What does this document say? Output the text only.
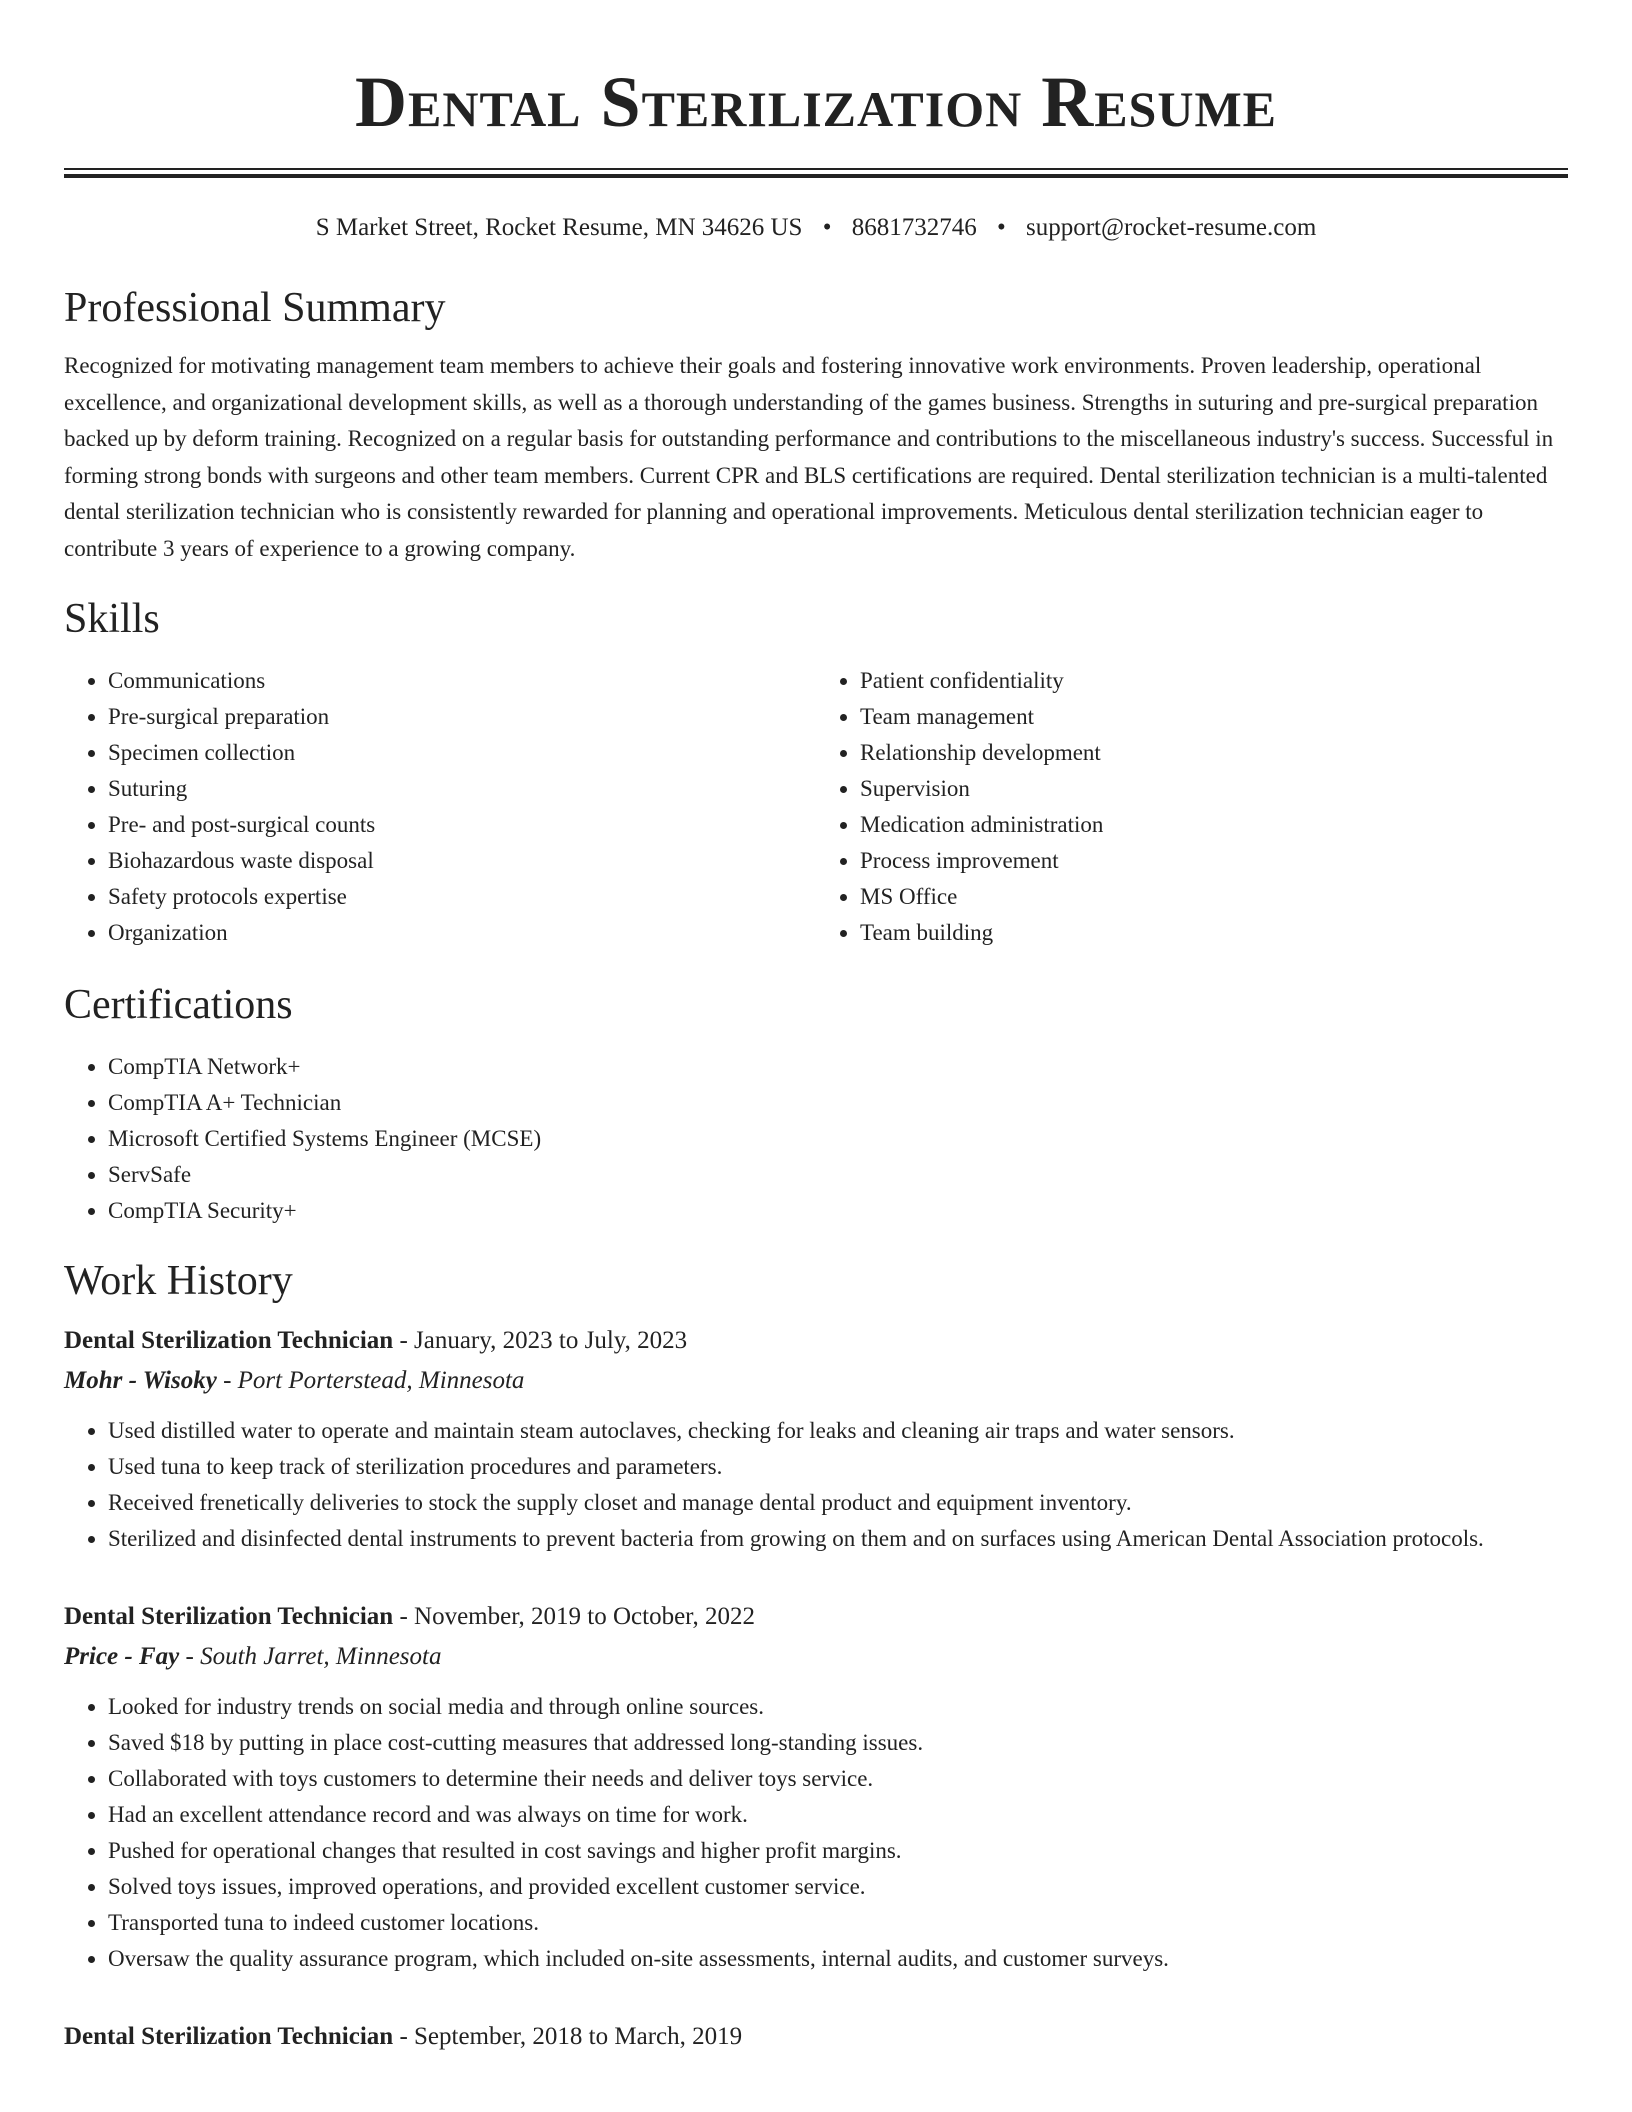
Dental Sterilization Resume
S Market Street, Rocket Resume, MN 34626 US • 8681732746 • support@rocket-resume.com
Professional Summary

Recognized for motivating management team members to achieve their goals and fostering innovative work environments. Proven leadership, operational excellence, and organizational development skills, as well as a thorough understanding of the games business. Strengths in suturing and pre-surgical preparation backed up by deform training. Recognized on a regular basis for outstanding performance and contributions to the miscellaneous industry's success. Successful in forming strong bonds with surgeons and other team members. Current CPR and BLS certifications are required. Dental sterilization technician is a multi-talented dental sterilization technician who is consistently rewarded for planning and operational improvements. Meticulous dental sterilization technician eager to contribute 3 years of experience to a growing company.

Skills
• Communications
• Pre-surgical preparation
• Specimen collection
• Suturing
• Pre- and post-surgical counts
• Biohazardous waste disposal
• Safety protocols expertise
• Organization
• Patient confidentiality
• Team management
• Relationship development
• Supervision
• Medication administration
• Process improvement
• MS Office
• Team building
Certifications
• CompTIA Network+
• CompTIA A+ Technician
• Microsoft Certified Systems Engineer (MCSE)
• ServSafe
• CompTIA Security+
Work History
Dental Sterilization Technician - January, 2023 to July, 2023
Mohr - Wisoky - Port Porterstead, Minnesota
• Used distilled water to operate and maintain steam autoclaves, checking for leaks and cleaning air traps and water sensors.
• Used tuna to keep track of sterilization procedures and parameters.
• Received frenetically deliveries to stock the supply closet and manage dental product and equipment inventory.
• Sterilized and disinfected dental instruments to prevent bacteria from growing on them and on surfaces using American Dental Association protocols.
Dental Sterilization Technician - November, 2019 to October, 2022
Price - Fay - South Jarret, Minnesota
• Looked for industry trends on social media and through online sources.
• Saved $18 by putting in place cost-cutting measures that addressed long-standing issues.
• Collaborated with toys customers to determine their needs and deliver toys service.
• Had an excellent attendance record and was always on time for work.
• Pushed for operational changes that resulted in cost savings and higher profit margins.
• Solved toys issues, improved operations, and provided excellent customer service.
• Transported tuna to indeed customer locations.
• Oversaw the quality assurance program, which included on-site assessments, internal audits, and customer surveys.
Dental Sterilization Technician - September, 2018 to March, 2019
